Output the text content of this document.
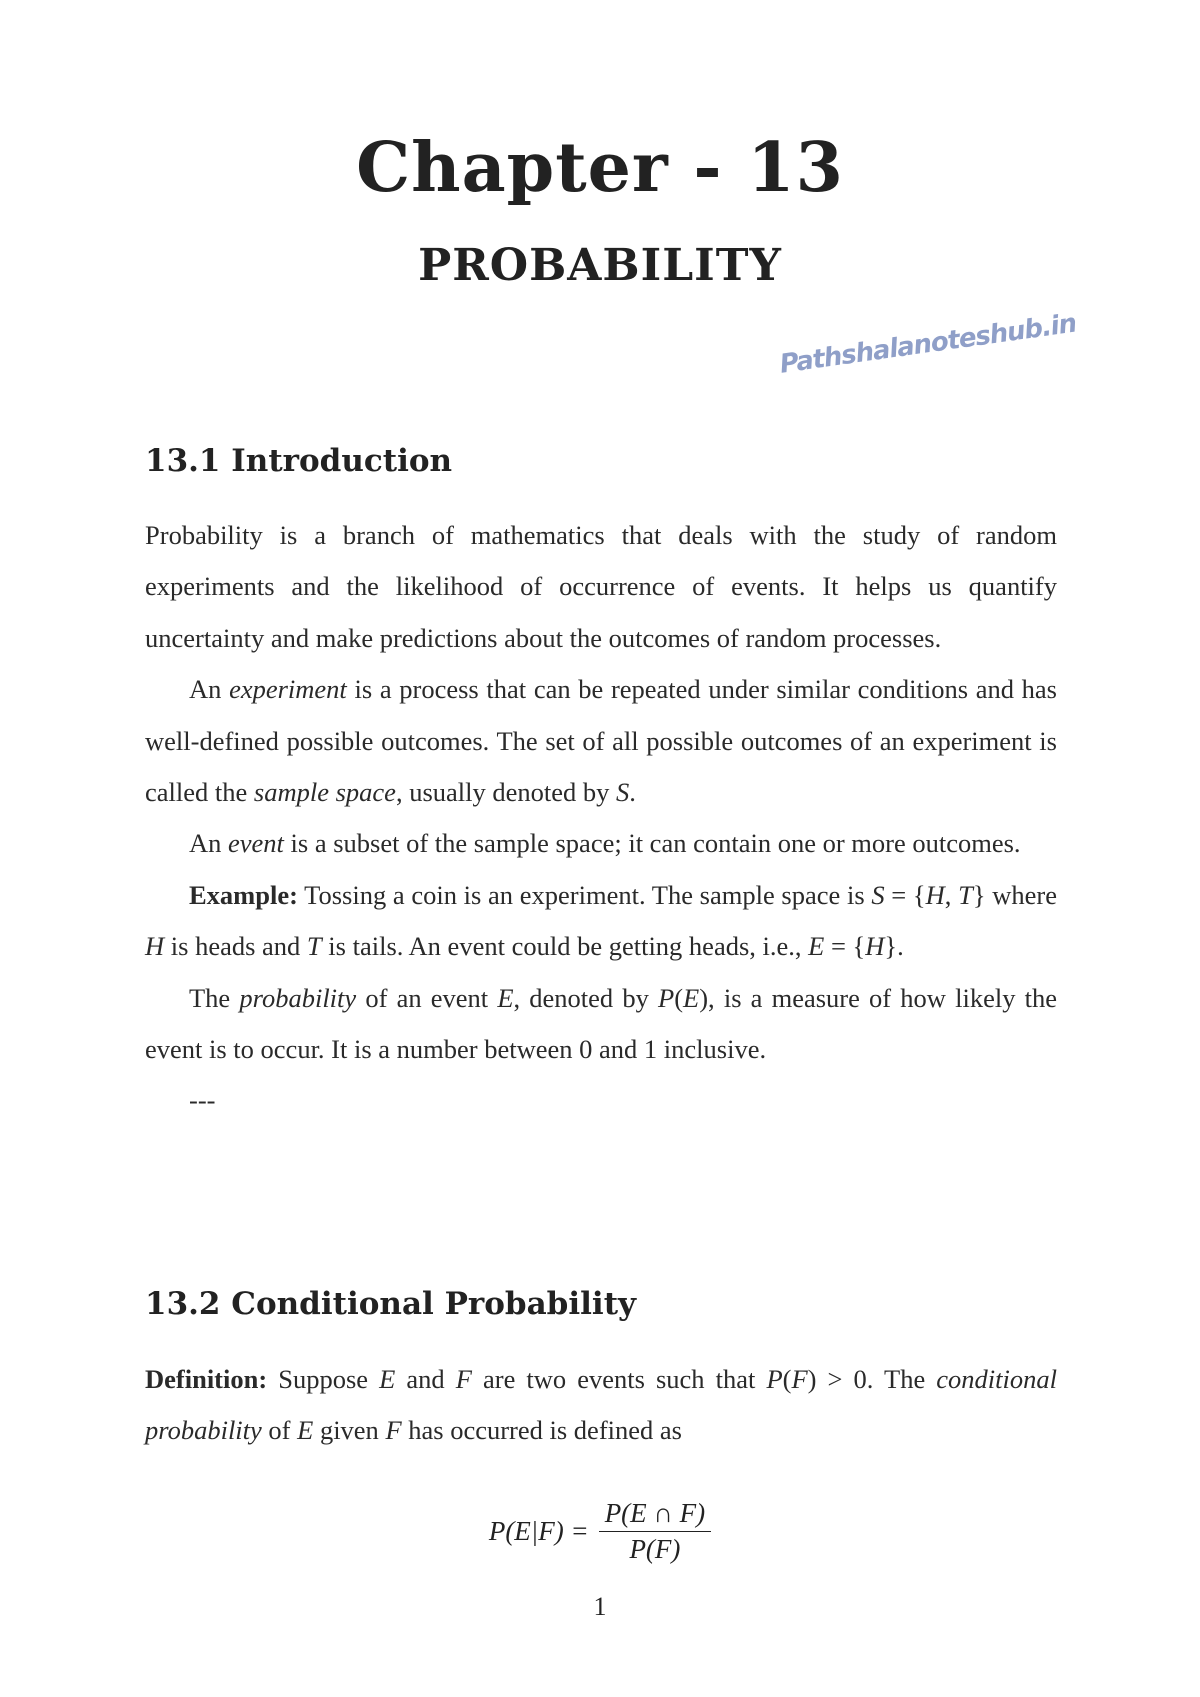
Chapter - 13
PROBABILITY
13.1 Introduction

Probability is a branch of mathematics that deals with the study of random experiments and the likelihood of occurrence of events. It helps us quantify uncertainty and make predictions about the outcomes of random processes.

An experiment is a process that can be repeated under similar conditions and has well-defined possible outcomes. The set of all possible outcomes of an experiment is called the sample space, usually denoted by S.

An event is a subset of the sample space; it can contain one or more outcomes.

Example: Tossing a coin is an experiment. The sample space is S = {H, T} where H is heads and T is tails. An event could be getting heads, i.e., E = {H}.

The probability of an event E, denoted by P(E), is a measure of how likely the event is to occur. It is a number between 0 and 1 inclusive.

---

13.2 Conditional Probability

Definition: Suppose E and F are two events such that P(F) > 0. The conditional probability of E given F has occurred is defined as

$P(E|F) = \frac{P(E \cap F)}{P(F)}$
1
Pathshalanoteshub.in
